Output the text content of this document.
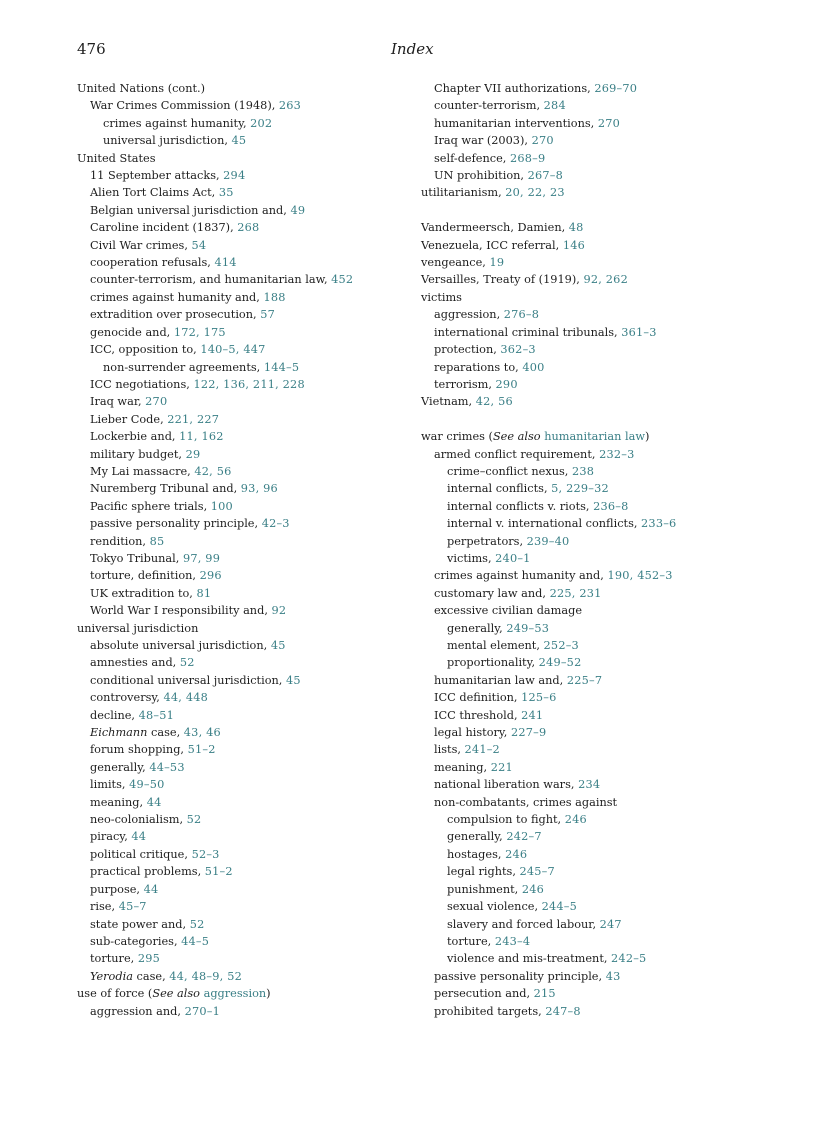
476	Index
United Nations (cont.)
War Crimes Commission (1948), 263
crimes against humanity, 202
universal jurisdiction, 45
United States
11 September attacks, 294
Alien Tort Claims Act, 35
Belgian universal jurisdiction and, 49
Caroline incident (1837), 268
Civil War crimes, 54
cooperation refusals, 414
counter-terrorism, and humanitarian law, 452
crimes against humanity and, 188
extradition over prosecution, 57
genocide and, 172, 175
ICC, opposition to, 140–5, 447
non-surrender agreements, 144–5
ICC negotiations, 122, 136, 211, 228
Iraq war, 270
Lieber Code, 221, 227
Lockerbie and, 11, 162
military budget, 29
My Lai massacre, 42, 56
Nuremberg Tribunal and, 93, 96
Pacific sphere trials, 100
passive personality principle, 42–3
rendition, 85
Tokyo Tribunal, 97, 99
torture, definition, 296
UK extradition to, 81
World War I responsibility and, 92
universal jurisdiction
absolute universal jurisdiction, 45
amnesties and, 52
conditional universal jurisdiction, 45
controversy, 44, 448
decline, 48–51
Eichmann case, 43, 46
forum shopping, 51–2
generally, 44–53
limits, 49–50
meaning, 44
neo-colonialism, 52
piracy, 44
political critique, 52–3
practical problems, 51–2
purpose, 44
rise, 45–7
state power and, 52
sub-categories, 44–5
torture, 295
Yerodia case, 44, 48–9, 52
use of force (See also aggression)
aggression and, 270–1
Chapter VII authorizations, 269–70
counter-terrorism, 284
humanitarian interventions, 270
Iraq war (2003), 270
self-defence, 268–9
UN prohibition, 267–8
utilitarianism, 20, 22, 23
Vandermeersch, Damien, 48
Venezuela, ICC referral, 146
vengeance, 19
Versailles, Treaty of (1919), 92, 262
victims
aggression, 276–8
international criminal tribunals, 361–3
protection, 362–3
reparations to, 400
terrorism, 290
Vietnam, 42, 56
war crimes (See also humanitarian law)
armed conflict requirement, 232–3
crime–conflict nexus, 238
internal conflicts, 5, 229–32
internal conflicts v. riots, 236–8
internal v. international conflicts, 233–6
perpetrators, 239–40
victims, 240–1
crimes against humanity and, 190, 452–3
customary law and, 225, 231
excessive civilian damage
generally, 249–53
mental element, 252–3
proportionality, 249–52
humanitarian law and, 225–7
ICC definition, 125–6
ICC threshold, 241
legal history, 227–9
lists, 241–2
meaning, 221
national liberation wars, 234
non-combatants, crimes against
compulsion to fight, 246
generally, 242–7
hostages, 246
legal rights, 245–7
punishment, 246
sexual violence, 244–5
slavery and forced labour, 247
torture, 243–4
violence and mis-treatment, 242–5
passive personality principle, 43
persecution and, 215
prohibited targets, 247–8
